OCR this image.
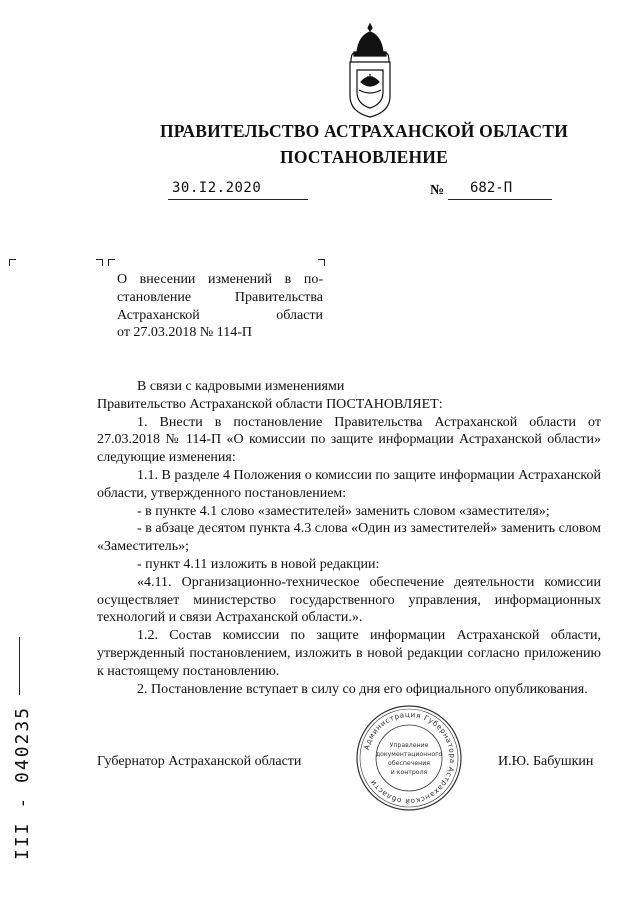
ПРАВИТЕЛЬСТВО АСТРАХАНСКОЙ ОБЛАСТИ
ПОСТАНОВЛЕНИЕ
30.I2.2020	№ 682-П
О внесении изменений в по-
становление Правительства
Астраханской области
от 27.03.2018 № 114-П

В связи с кадровыми изменениями

Правительство Астраханской области ПОСТАНОВЛЯЕТ:

1. Внести в постановление Правительства Астраханской области от 27.03.2018 № 114-П «О комиссии по защите информации Астраханской области» следующие изменения:

1.1. В разделе 4 Положения о комиссии по защите информации Астраханской области, утвержденного постановлением:

- в пункте 4.1 слово «заместителей» заменить словом «заместителя»;

- в абзаце десятом пункта 4.3 слова «Один из заместителей» заменить словом «Заместитель»;

- пункт 4.11 изложить в новой редакции:

«4.11. Организационно-техническое обеспечение деятельности комиссии осуществляет министерство государственного управления, информационных технологий и связи Астраханской области.».

1.2. Состав комиссии по защите информации Астраханской области, утвержденный постановлением, изложить в новой редакции согласно приложению к настоящему постановлению.

2. Постановление вступает в силу со дня его официального опубликования.

Губернатор Астраханской области	И.Ю. Бабушкин
Администрация Губернатора Астраханской области
Управление
документационного
обеспечения
и контроля
III - 040235
